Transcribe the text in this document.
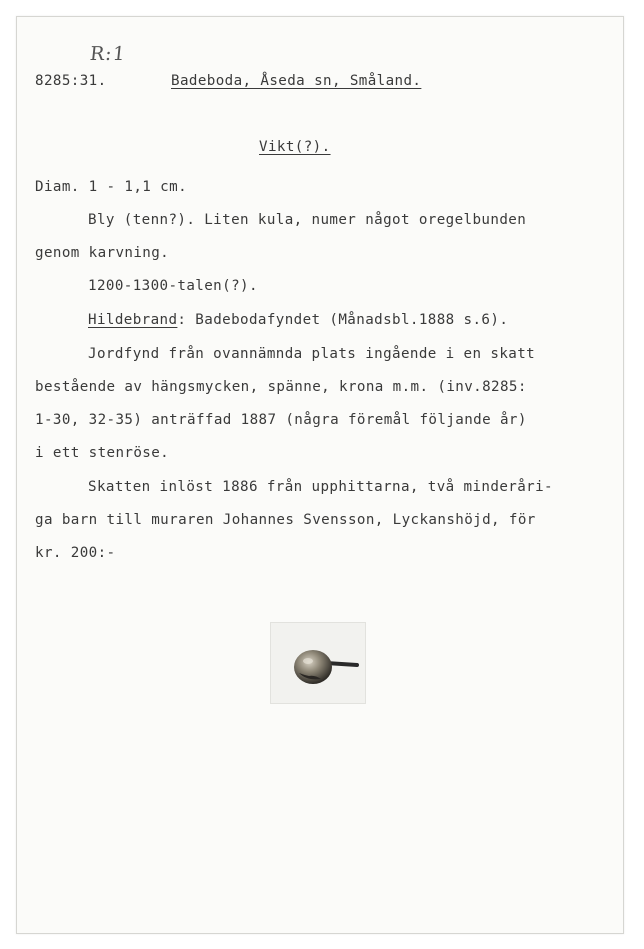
R:1
8285:31.	Badeboda, Åseda sn, Småland.
Vikt(?).
Diam. 1 - 1,1 cm.
Bly (tenn?). Liten kula, numer något oregelbunden
genom karvning.
1200-1300-talen(?).
Hildebrand: Badebodafyndet (Månadsbl.1888 s.6).
Jordfynd från ovannämnda plats ingående i en skatt
bestående av hängsmycken, spänne, krona m.m. (inv.8285:
1-30, 32-35) anträffad 1887 (några föremål följande år)
i ett stenröse.
Skatten inlöst 1886 från upphittarna, två minderåri-
ga barn till muraren Johannes Svensson, Lyckanshöjd, för
kr. 200:-
